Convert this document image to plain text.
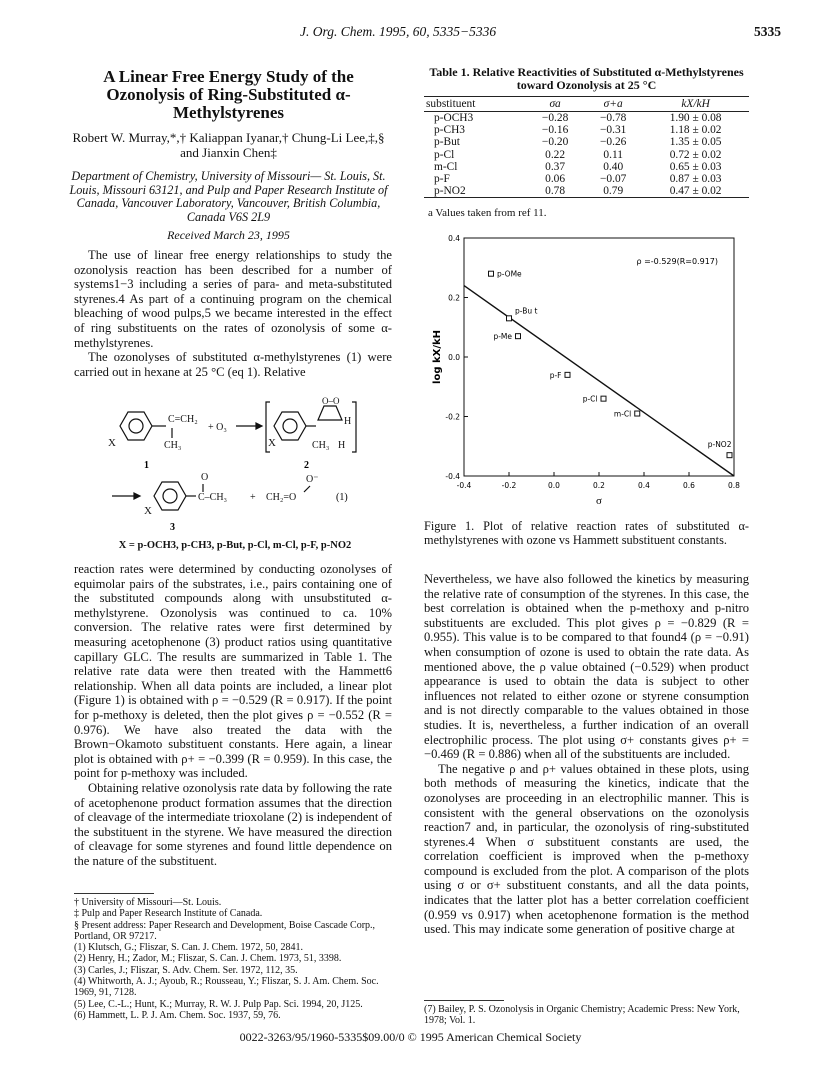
J. Org. Chem. 1995, 60, 5335−5336	5335
A Linear Free Energy Study of the Ozonolysis of Ring-Substituted α-Methylstyrenes
Robert W. Murray,*,† Kaliappan Iyanar,† Chung-Li Lee,‡,§ and Jianxin Chen‡
Department of Chemistry, University of Missouri— St. Louis, St. Louis, Missouri 63121, and Pulp and Paper Research Institute of Canada, Vancouver Laboratory, Vancouver, British Columbia, Canada V6S 2L9
Received March 23, 1995

The use of linear free energy relationships to study the ozonolysis reaction has been described for a number of systems1−3 including a series of para- and meta-substituted styrenes.4 As part of a continuing program on the chemical bleaching of wood pulps,5 we became interested in the effect of ring substituents on the rates of ozonolysis of some α-methylstyrenes.

The ozonolyses of substituted α-methylstyrenes (1) were carried out in hexane at 25 °C (eq 1). Relative

X
C=CH₂
CH₃
+ O₃
X
O–O
H
CH₃ H
X
C–CH₃
O
+ CH₂=O
O⁻
1	2
3
(1)
X = p-OCH3, p-CH3, p-But, p-Cl, m-Cl, p-F, p-NO2

reaction rates were determined by conducting ozonolyses of equimolar pairs of the substrates, i.e., pairs containing one of the substituted compounds along with unsubstituted α-methylstyrene. Ozonolysis was continued to ca. 10% conversion. The relative rates were first determined by measuring acetophenone (3) product ratios using quantitative capillary GLC. The results are summarized in Table 1. The relative rate data were then treated with the Hammett6 relationship. When all data points are included, a linear plot (Figure 1) is obtained with ρ = −0.529 (R = 0.917). If the point for p-methoxy is deleted, then the plot gives ρ = −0.552 (R = 0.976). We have also treated the data with the Brown−Okamoto substituent constants. Here again, a linear plot is obtained with ρ+ = −0.399 (R = 0.959). In this case, the point for p-methoxy was included.

Obtaining relative ozonolysis rate data by following the rate of acetophenone product formation assumes that the direction of cleavage of the intermediate trioxolane (2) is independent of the substituent in the styrene. We have measured the direction of cleavage for some styrenes and found little dependence on the nature of the substituent.

† University of Missouri—St. Louis.
‡ Pulp and Paper Research Institute of Canada.
§ Present address: Paper Research and Development, Boise Cascade Corp., Portland, OR 97217.
(1) Klutsch, G.; Fliszar, S. Can. J. Chem. 1972, 50, 2841.
(2) Henry, H.; Zador, M.; Fliszar, S. Can. J. Chem. 1973, 51, 3398.
(3) Carles, J.; Fliszar, S. Adv. Chem. Ser. 1972, 112, 35.
(4) Whitworth, A. J.; Ayoub, R.; Rousseau, Y.; Fliszar, S. J. Am. Chem. Soc. 1969, 91, 7128.
(5) Lee, C.-L.; Hunt, K.; Murray, R. W. J. Pulp Pap. Sci. 1994, 20, J125.
(6) Hammett, L. P. J. Am. Chem. Soc. 1937, 59, 76.
Table 1. Relative Reactivities of Substituted α-Methylstyrenes toward Ozonolysis at 25 °C
substituent	σa	σ+a	kX/kH
p-OCH3	−0.28	−0.78	1.90 ± 0.08
p-CH3	−0.16	−0.31	1.18 ± 0.02
p-But	−0.20	−0.26	1.35 ± 0.05
p-Cl	0.22	0.11	0.72 ± 0.02
m-Cl	0.37	0.40	0.65 ± 0.03
p-F	0.06	−0.07	0.87 ± 0.03
p-NO2	0.78	0.79	0.47 ± 0.02
a Values taken from ref 11.
-0.4	-0.2	0.0	0.2	0.4	0.6	0.8
0.4
0.2
0.0
-0.2
-0.4
p-OMe
p-Bu t
p-Me
p-F
p-Cl
m-Cl
p-NO2
σ
log kX/kH
ρ =-0.529(R=0.917)
Figure 1. Plot of relative reaction rates of substituted α-methylstyrenes with ozone vs Hammett substituent constants.

Nevertheless, we have also followed the kinetics by measuring the relative rate of consumption of the styrenes. In this case, the best correlation is obtained when the p-methoxy and p-nitro substituents are excluded. This plot gives ρ = −0.829 (R = 0.955). This value is to be compared to that found4 (ρ = −0.91) when consumption of ozone is used to obtain the rate data. As mentioned above, the ρ value obtained (−0.529) when product appearance is used to obtain the data is subject to other influences not related to either ozone or styrene consumption and is not directly comparable to the values obtained in those studies. It is, nevertheless, a further indication of an overall electrophilic process. The plot using σ+ constants gives ρ+ = −0.469 (R = 0.886) when all of the substituents are included.

The negative ρ and ρ+ values obtained in these plots, using both methods of measuring the kinetics, indicate that the ozonolyses are proceeding in an electrophilic manner. This is consistent with the general observations on the ozonolysis reaction7 and, in particular, the ozonolysis of ring-substituted styrenes.4 When σ substituent constants are used, the correlation coefficient is improved when the p-methoxy compound is excluded from the plot. A comparison of the plots using σ or σ+ substituent constants, and all the data points, indicates that the latter plot has a better correlation coefficient (0.959 vs 0.917) when acetophenone formation is the method used. This may indicate some generation of positive charge at

(7) Bailey, P. S. Ozonolysis in Organic Chemistry; Academic Press: New York, 1978; Vol. 1.
0022-3263/95/1960-5335$09.00/0 © 1995 American Chemical Society
